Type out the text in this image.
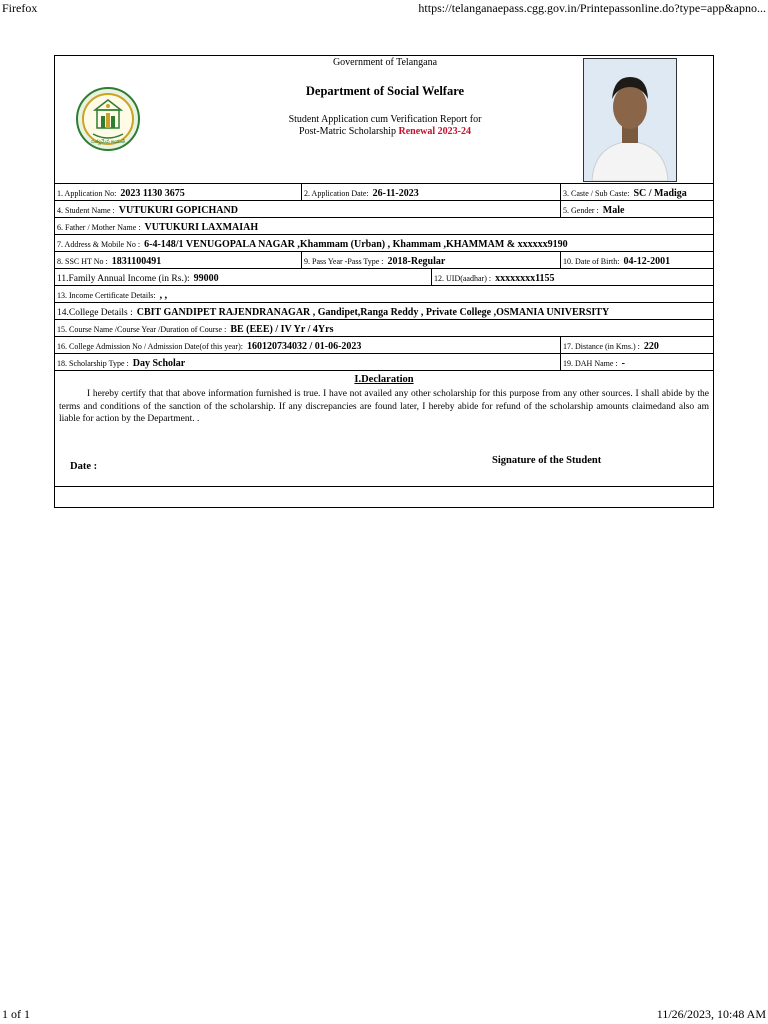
Firefox	https://telanganaepass.cgg.gov.in/Printepassonline.do?type=app&apno...
సత్యమేవ జయతే
Government of Telangana
Department of Social Welfare
Student Application cum Verification Report for
Post-Matric Scholarship Renewal 2023-24
1. Application No: 2023 1130 3675	2. Application Date: 26-11-2023	3. Caste / Sub Caste: SC / Madiga
4. Student Name : VUTUKURI GOPICHAND	5. Gender : Male
6. Father / Mother Name : VUTUKURI LAXMAIAH
7. Address & Mobile No : 6-4-148/1 VENUGOPALA NAGAR ,Khammam (Urban) , Khammam ,KHAMMAM & xxxxxx9190
8. SSC HT No : 1831100491	9. Pass Year -Pass Type : 2018-Regular	10. Date of Birth: 04-12-2001
11.Family Annual Income (in Rs.): 99000	12. UID(aadhar) : xxxxxxxx1155
13. Income Certificate Details: , ,
14.College Details : CBIT GANDIPET RAJENDRANAGAR , Gandipet,Ranga Reddy , Private College ,OSMANIA UNIVERSITY
15. Course Name /Course Year /Duration of Course : BE (EEE) / IV Yr / 4Yrs
16. College Admission No / Admission Date(of this year): 160120734032 / 01-06-2023	17. Distance (in Kms.) : 220
18. Scholarship Type : Day Scholar	19. DAH Name : -
I.Declaration
I hereby certify that that above information furnished is true. I have not availed any other scholarship for this purpose from any other sources. I shall abide by the terms and conditions of the sanction of the scholarship. If any discrepancies are found later, I hereby abide for refund of the scholarship amounts claimedand also am liable for action by the Department. .
Date :
Signature of the Student
1 of 1	11/26/2023, 10:48 AM
